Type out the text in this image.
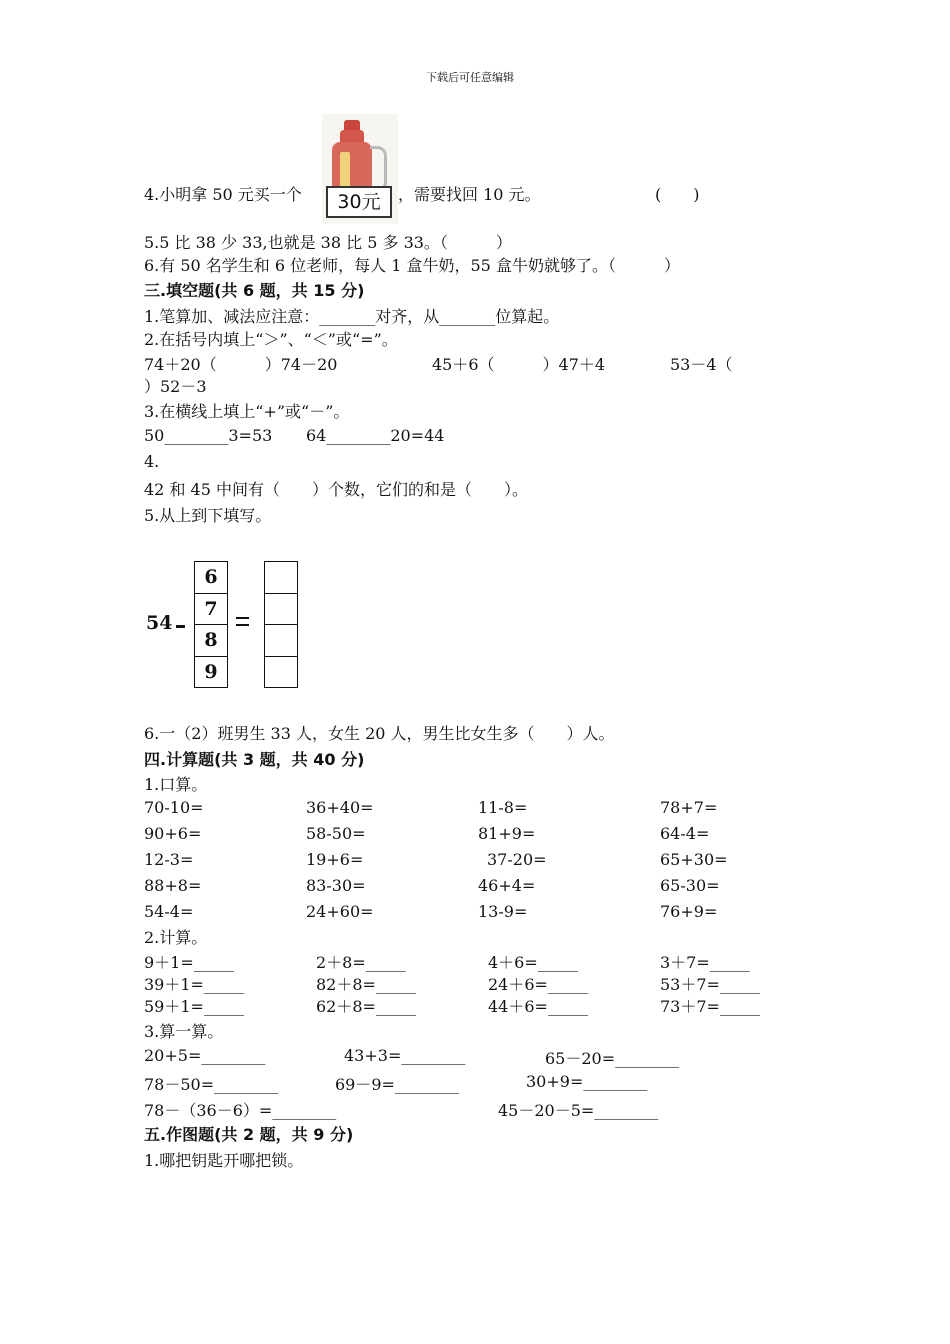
下载后可任意编辑
4.小明拿 50 元买一个	30元	，需要找回 10 元。	(　　)
5.5 比 38 少 33,也就是 38 比 5 多 33。（　　　）
6.有 50 名学生和 6 位老师，每人 1 盒牛奶，55 盒牛奶就够了。（　　　）
三.填空题(共 6 题，共 15 分)
1.笔算加、减法应注意：_______对齐，从_______位算起。
2.在括号内填上“＞”、“＜”或“=”。
74＋20（　　　）74－20	45＋6（　　　）47＋4	53－4（
）52－3
3.在横线上填上“+”或“－”。
50________3=53 64________20=44
4.
42 和 45 中间有（　　）个数，它们的和是（　　）。
5.从上到下填写。
54
6
7
8
9
6.一（2）班男生 33 人，女生 20 人，男生比女生多（　　）人。
四.计算题(共 3 题，共 40 分)
1.口算。
70-10=	36+40=	11-8=	78+7=
90+6=	58-50=	81+9=	64-4=
12-3=	19+6=	37-20=	65+30=
88+8=	83-30=	46+4=	65-30=
54-4=	24+60=	13-9=	76+9=
2.计算。
9＋1=_____	2＋8=_____	4＋6=_____	3＋7=_____
39＋1=_____	82＋8=_____	24＋6=_____	53＋7=_____
59＋1=_____	62＋8=_____	44＋6=_____	73＋7=_____
3.算一算。
20+5=________	43+3=________	65－20=________
78－50=________	69－9=________	30+9=________
78－（36－6）=________	45－20－5=________
五.作图题(共 2 题，共 9 分)
1.哪把钥匙开哪把锁。
